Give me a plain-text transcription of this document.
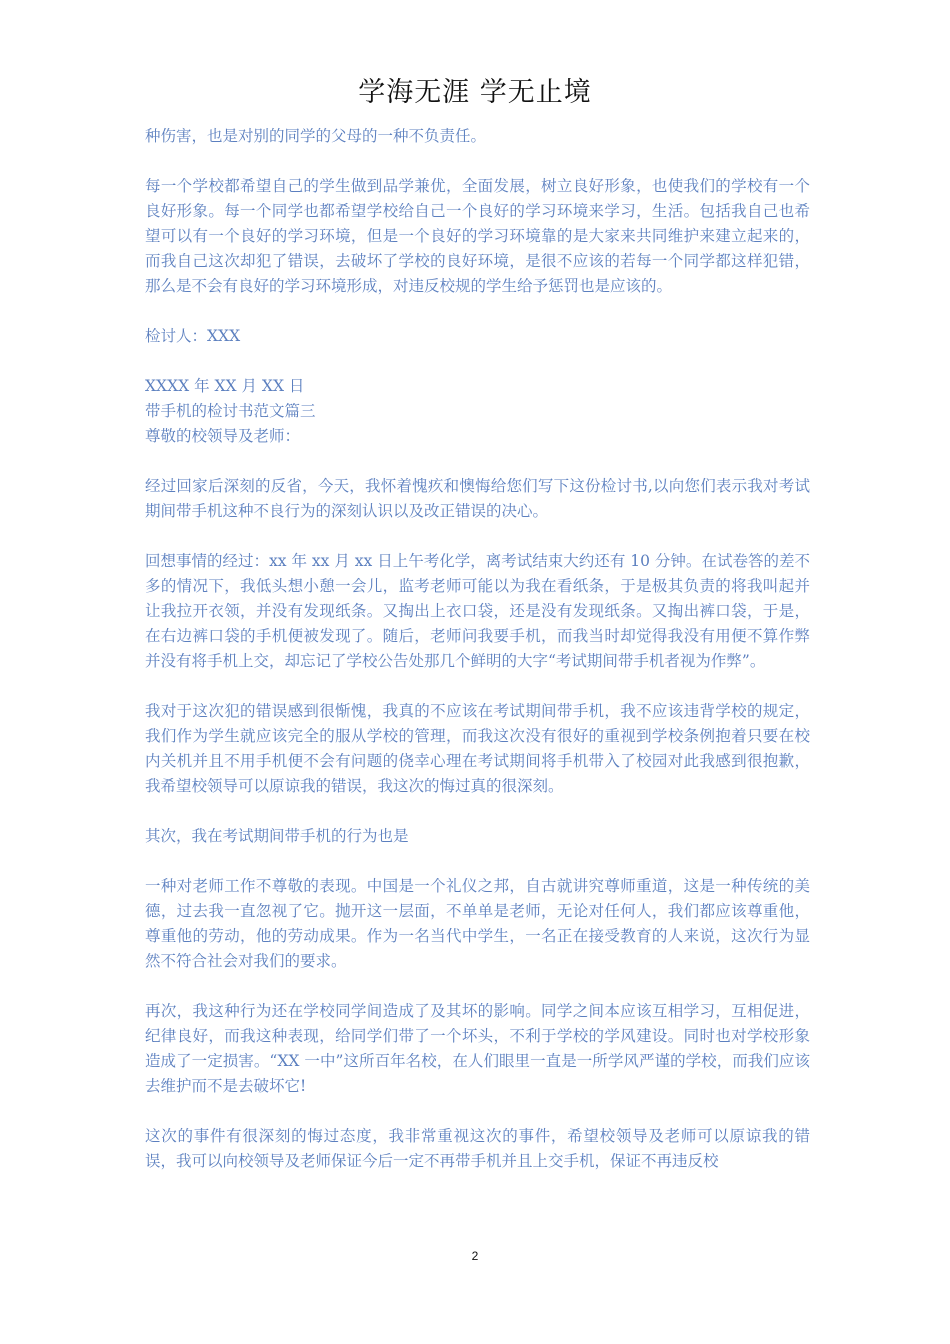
学海无涯 学无止境

种伤害，也是对别的同学的父母的一种不负责任。

每一个学校都希望自己的学生做到品学兼优，全面发展，树立良好形象，也使我们的学校有一个良好形象。每一个同学也都希望学校给自己一个良好的学习环境来学习，生活。包括我自己也希望可以有一个良好的学习环境，但是一个良好的学习环境靠的是大家来共同维护来建立起来的，而我自己这次却犯了错误，去破坏了学校的良好环境，是很不应该的若每一个同学都这样犯错，那么是不会有良好的学习环境形成，对违反校规的学生给予惩罚也是应该的。

检讨人：XXX

XXXX 年 XX 月 XX 日

带手机的检讨书范文篇三

尊敬的校领导及老师：

经过回家后深刻的反省，今天，我怀着愧疚和懊悔给您们写下这份检讨书,以向您们表示我对考试期间带手机这种不良行为的深刻认识以及改正错误的决心。

回想事情的经过：xx 年 xx 月 xx 日上午考化学，离考试结束大约还有 10 分钟。在试卷答的差不多的情况下，我低头想小憩一会儿，监考老师可能以为我在看纸条，于是极其负责的将我叫起并让我拉开衣领，并没有发现纸条。又掏出上衣口袋，还是没有发现纸条。又掏出裤口袋，于是，在右边裤口袋的手机便被发现了。随后，老师问我要手机，而我当时却觉得我没有用便不算作弊并没有将手机上交，却忘记了学校公告处那几个鲜明的大字“考试期间带手机者视为作弊”。

我对于这次犯的错误感到很惭愧，我真的不应该在考试期间带手机，我不应该违背学校的规定，我们作为学生就应该完全的服从学校的管理，而我这次没有很好的重视到学校条例抱着只要在校内关机并且不用手机便不会有问题的侥幸心理在考试期间将手机带入了校园对此我感到很抱歉，我希望校领导可以原谅我的错误，我这次的悔过真的很深刻。

其次，我在考试期间带手机的行为也是

一种对老师工作不尊敬的表现。中国是一个礼仪之邦，自古就讲究尊师重道，这是一种传统的美德，过去我一直忽视了它。抛开这一层面，不单单是老师，无论对任何人，我们都应该尊重他，尊重他的劳动，他的劳动成果。作为一名当代中学生，一名正在接受教育的人来说，这次行为显然不符合社会对我们的要求。

再次，我这种行为还在学校同学间造成了及其坏的影响。同学之间本应该互相学习，互相促进，纪律良好，而我这种表现，给同学们带了一个坏头，不利于学校的学风建设。同时也对学校形象造成了一定损害。“XX 一中”这所百年名校，在人们眼里一直是一所学风严谨的学校，而我们应该去维护而不是去破坏它!

这次的事件有很深刻的悔过态度，我非常重视这次的事件，希望校领导及老师可以原谅我的错误，我可以向校领导及老师保证今后一定不再带手机并且上交手机，保证不再违反校

2
